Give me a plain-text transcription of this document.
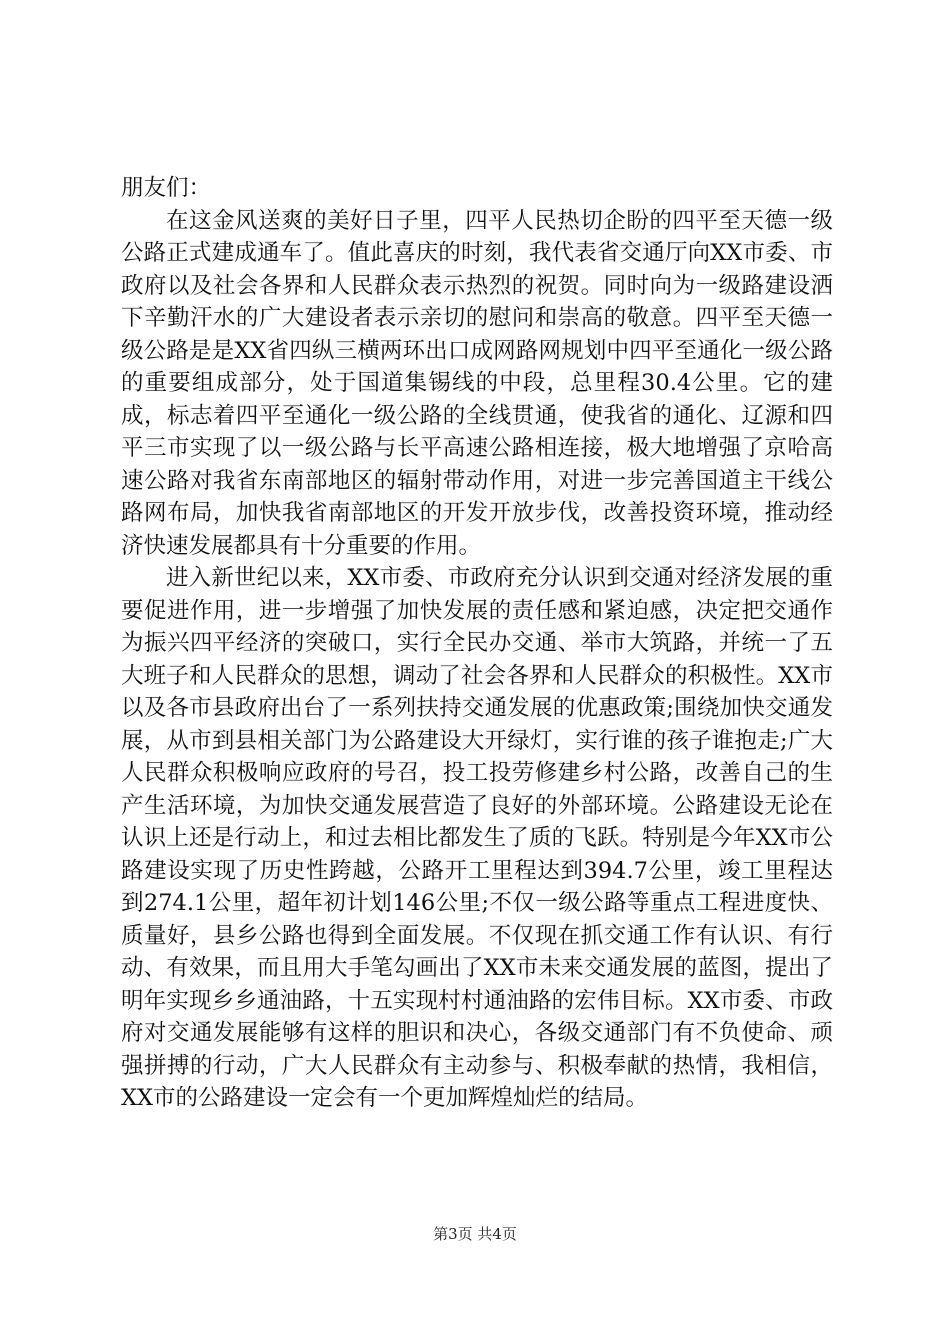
朋友们：

在这金风送爽的美好日子里，四平人民热切企盼的四平至天德一级公路正式建成通车了。值此喜庆的时刻，我代表省交通厅向XX市委、市政府以及社会各界和人民群众表示热烈的祝贺。同时向为一级路建设洒下辛勤汗水的广大建设者表示亲切的慰问和崇高的敬意。四平至天德一级公路是是XX省四纵三横两环出口成网路网规划中四平至通化一级公路的重要组成部分，处于国道集锡线的中段，总里程30.4公里。它的建成，标志着四平至通化一级公路的全线贯通，使我省的通化、辽源和四平三市实现了以一级公路与长平高速公路相连接，极大地增强了京哈高速公路对我省东南部地区的辐射带动作用，对进一步完善国道主干线公路网布局，加快我省南部地区的开发开放步伐，改善投资环境，推动经济快速发展都具有十分重要的作用。

进入新世纪以来，XX市委、市政府充分认识到交通对经济发展的重要促进作用，进一步增强了加快发展的责任感和紧迫感，决定把交通作为振兴四平经济的突破口，实行全民办交通、举市大筑路，并统一了五大班子和人民群众的思想，调动了社会各界和人民群众的积极性。XX市以及各市县政府出台了一系列扶持交通发展的优惠政策;围绕加快交通发展，从市到县相关部门为公路建设大开绿灯，实行谁的孩子谁抱走;广大人民群众积极响应政府的号召，投工投劳修建乡村公路，改善自己的生产生活环境，为加快交通发展营造了良好的外部环境。公路建设无论在认识上还是行动上，和过去相比都发生了质的飞跃。特别是今年XX市公路建设实现了历史性跨越，公路开工里程达到394.7公里，竣工里程达到274.1公里，超年初计划146公里;不仅一级公路等重点工程进度快、质量好，县乡公路也得到全面发展。不仅现在抓交通工作有认识、有行动、有效果，而且用大手笔勾画出了XX市未来交通发展的蓝图，提出了明年实现乡乡通油路，十五实现村村通油路的宏伟目标。XX市委、市政府对交通发展能够有这样的胆识和决心，各级交通部门有不负使命、顽强拼搏的行动，广大人民群众有主动参与、积极奉献的热情，我相信，XX市的公路建设一定会有一个更加辉煌灿烂的结局。

第3页 共4页
